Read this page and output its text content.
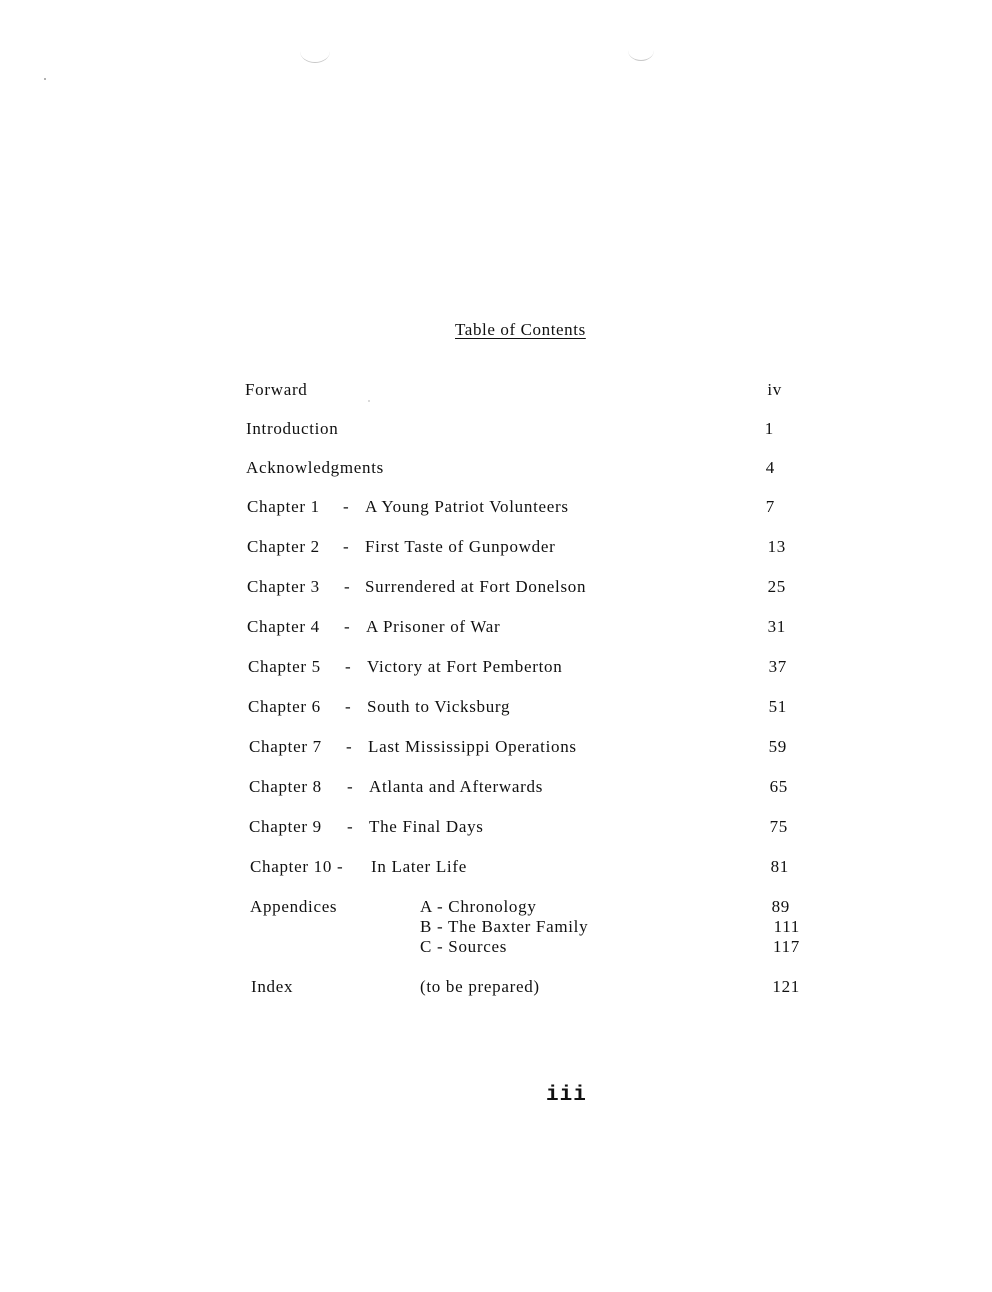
Table of Contents
Forward	iv
Introduction	1
Acknowledgments	4
Chapter 1 - A Young Patriot Volunteers	7
Chapter 2 - First Taste of Gunpowder	13
Chapter 3 - Surrendered at Fort Donelson	25
Chapter 4 - A Prisoner of War	31
Chapter 5 - Victory at Fort Pemberton	37
Chapter 6 - South to Vicksburg	51
Chapter 7 - Last Mississippi Operations	59
Chapter 8 - Atlanta and Afterwards	65
Chapter 9 - The Final Days	75
Chapter 10 - In Later Life	81
Appendices	A - Chronology	89
B - The Baxter Family	111
C - Sources	117
Index	(to be prepared)	121
iii
